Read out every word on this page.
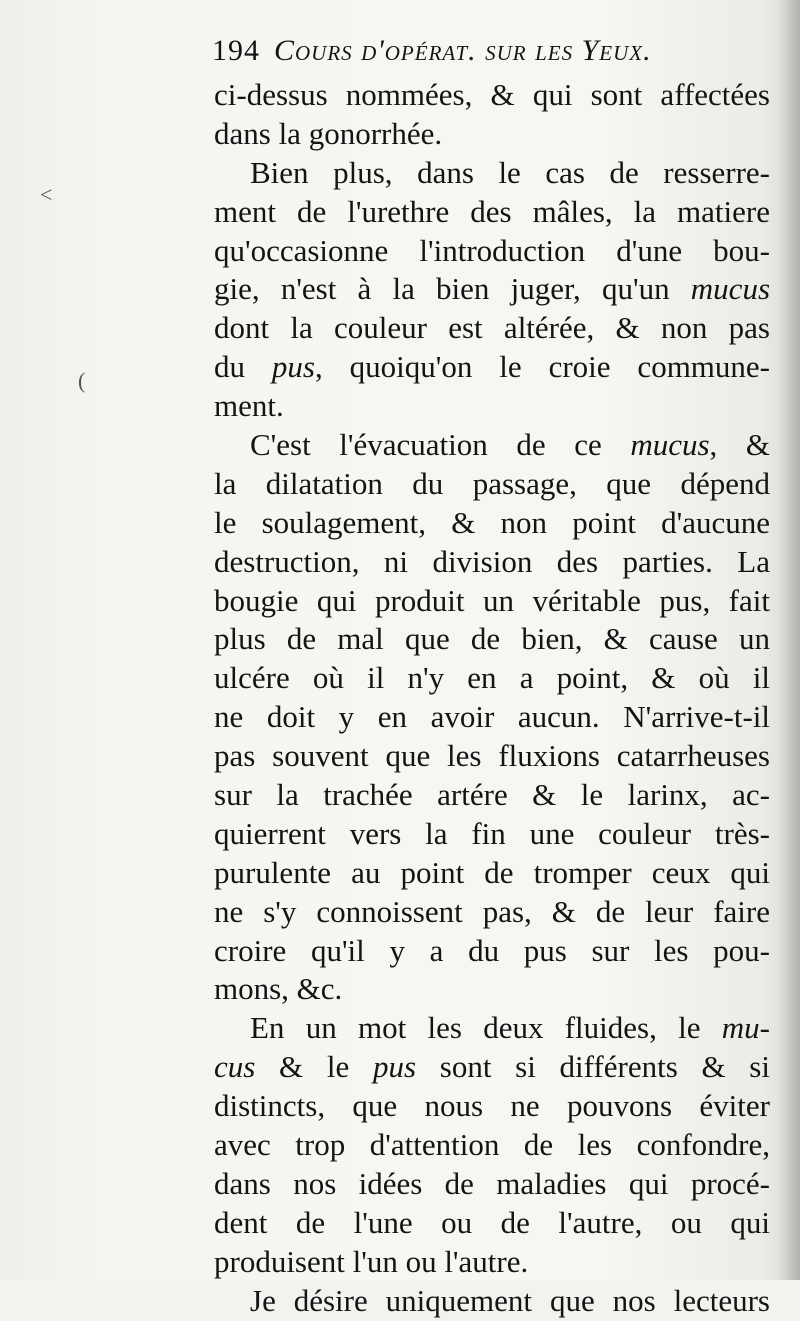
<
(
194 Cours d'opérat. sur les Yeux.
ci-dessus nommées, & qui sont affectées
dans la gonorrhée.
Bien plus, dans le cas de resserre-
ment de l'urethre des mâles, la matiere
qu'occasionne l'introduction d'une bou-
gie, n'est à la bien juger, qu'un mucus
dont la couleur est altérée, & non pas
du pus, quoiqu'on le croie commune-
ment.
C'est l'évacuation de ce mucus, &
la dilatation du passage, que dépend
le soulagement, & non point d'aucune
destruction, ni division des parties. La
bougie qui produit un véritable pus, fait
plus de mal que de bien, & cause un
ulcére où il n'y en a point, & où il
ne doit y en avoir aucun. N'arrive-t-il
pas souvent que les fluxions catarrheuses
sur la trachée artére & le larinx, ac-
quierrent vers la fin une couleur très-
purulente au point de tromper ceux qui
ne s'y connoissent pas, & de leur faire
croire qu'il y a du pus sur les pou-
mons, &c.
En un mot les deux fluides, le mu-
cus & le pus sont si différents & si
distincts, que nous ne pouvons éviter
avec trop d'attention de les confondre,
dans nos idées de maladies qui procé-
dent de l'une ou de l'autre, ou qui
produisent l'un ou l'autre.
Je désire uniquement que nos lecteurs
